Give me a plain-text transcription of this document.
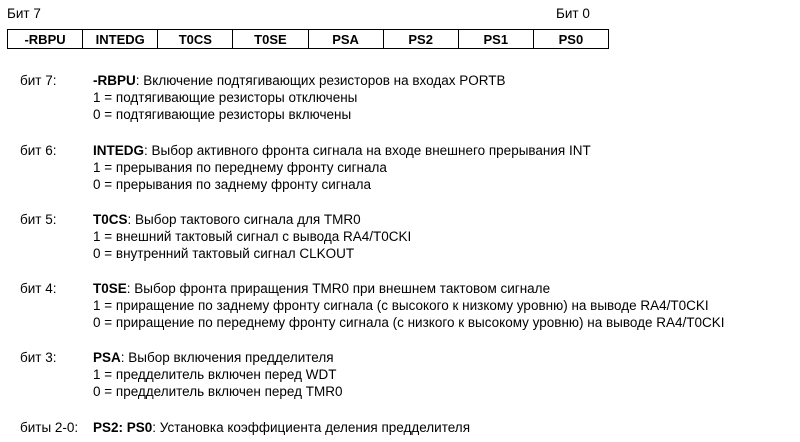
Бит 7	Бит 0
-RBPU	INTEDG	T0CS	T0SE	PSA	PS2	PS1	PS0
бит 7:	-RBPU: Включение подтягивающих резисторов на входах PORTB
1 = подтягивающие резисторы отключены
0 = подтягивающие резисторы включены
бит 6:	INTEDG: Выбор активного фронта сигнала на входе внешнего прерывания INT
1 = прерывания по переднему фронту сигнала
0 = прерывания по заднему фронту сигнала
бит 5:	T0CS: Выбор тактового сигнала для TMR0
1 = внешний тактовый сигнал с вывода RA4/T0CKI
0 = внутренний тактовый сигнал CLKOUT
бит 4:	T0SE: Выбор фронта приращения TMR0 при внешнем тактовом сигнале
1 = приращение по заднему фронту сигнала (с высокого к низкому уровню) на выводе RA4/T0CKI
0 = приращение по переднему фронту сигнала (с низкого к высокому уровню) на выводе RA4/T0CKI
бит 3:	PSA: Выбор включения предделителя
1 = предделитель включен перед WDT
0 = предделитель включен перед TMR0
биты 2-0: PS2: PS0: Установка коэффициента деления предделителя
